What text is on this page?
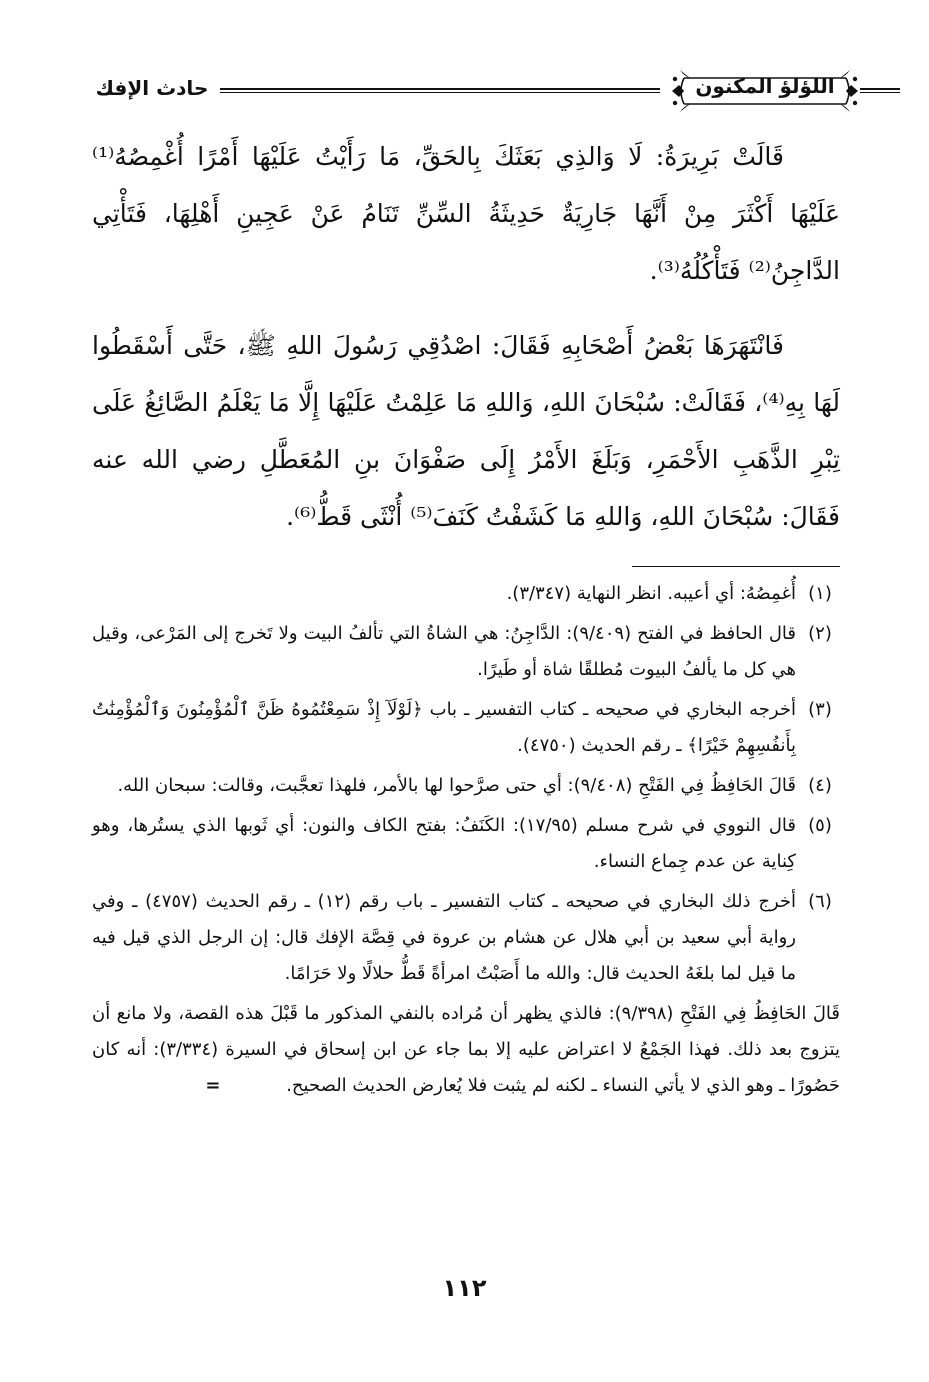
حادث الإفك	اللؤلؤ المكنون

قَالَتْ بَرِيرَةُ: لَا وَالذِي بَعَثَكَ بِالحَقِّ، مَا رَأَيْتُ عَلَيْهَا أَمْرًا أُغْمِصُهُ⁽¹⁾ عَلَيْهَا أَكْثَرَ مِنْ أَنَّهَا جَارِيَةٌ حَدِيثَةُ السِّنِّ تَنَامُ عَنْ عَجِينِ أَهْلِهَا، فَتَأْتِي الدَّاجِنُ⁽²⁾ فَتَأْكُلُهُ⁽³⁾.

فَانْتَهَرَهَا بَعْضُ أَصْحَابِهِ فَقَالَ: اصْدُقِي رَسُولَ اللهِ ﷺ، حَتَّى أَسْقَطُوا لَهَا بِهِ⁽⁴⁾، فَقَالَتْ: سُبْحَانَ اللهِ، وَاللهِ مَا عَلِمْتُ عَلَيْهَا إِلَّا مَا يَعْلَمُ الصَّائِغُ عَلَى تِبْرِ الذَّهَبِ الأَحْمَرِ، وَبَلَغَ الأَمْرُ إِلَى صَفْوَانَ بنِ المُعَطَّلِ رضي الله عنه فَقَالَ: سُبْحَانَ اللهِ، وَاللهِ مَا كَشَفْتُ كَنَفَ⁽⁵⁾ أُنْثَى قَطُّ⁽⁶⁾.

(١)
أُغمِصُهُ: أي أعيبه. انظر النهاية (٣/٣٤٧).
(٢)
قال الحافظ في الفتح (٩/٤٠٩): الدَّاجِنُ: هي الشاةُ التي تألفُ البيت ولا تَخرج إلى المَرْعى، وقيل هي كل ما يألفُ البيوت مُطلقًا شاة أو طَيرًا.
(٣)
أخرجه البخاري في صحيحه ـ كتاب التفسير ـ باب ﴿لَوْلَآ إِذْ سَمِعْتُمُوهُ ظَنَّ ٱلْمُؤْمِنُونَ وَٱلْمُؤْمِنَٰتُ بِأَنفُسِهِمْ خَيْرًا﴾ ـ رقم الحديث (٤٧٥٠).
(٤)
قَالَ الحَافِظُ فِي الفَتْحِ (٩/٤٠٨): أي حتى صرَّحوا لها بالأمر، فلهذا تعجَّبت، وقالت: سبحان الله.
(٥)
قال النووي في شرح مسلم (١٧/٩٥): الكَنَفُ: بفتح الكاف والنون: أي ثَوبها الذي يستُرها، وهو كِناية عن عدم جِماع النساء.
(٦)
أخرج ذلك البخاري في صحيحه ـ كتاب التفسير ـ باب رقم (١٢) ـ رقم الحديث (٤٧٥٧) ـ وفي رواية أبي سعيد بن أبي هلال عن هشام بن عروة في قِصَّة الإفك قال: إن الرجل الذي قيل فيه ما قيل لما بلغَهُ الحديث قال: والله ما أَصَبْتُ امرأةً قَطُّ حلالًا ولا حَرَامًا.
قَالَ الحَافِظُ فِي الفَتْحِ (٩/٣٩٨): فالذي يظهر أن مُراده بالنفي المذكور ما قَبْلَ هذه القصة، ولا مانع أن يتزوج بعد ذلك. فهذا الجَمْعُ لا اعتراض عليه إلا بما جاء عن ابن إسحاق في السيرة (٣/٣٣٤): أنه كان حَصُورًا ـ وهو الذي لا يأتي النساء ـ لكنه لم يثبت فلا يُعارض الحديث الصحيح. =
١١٢
